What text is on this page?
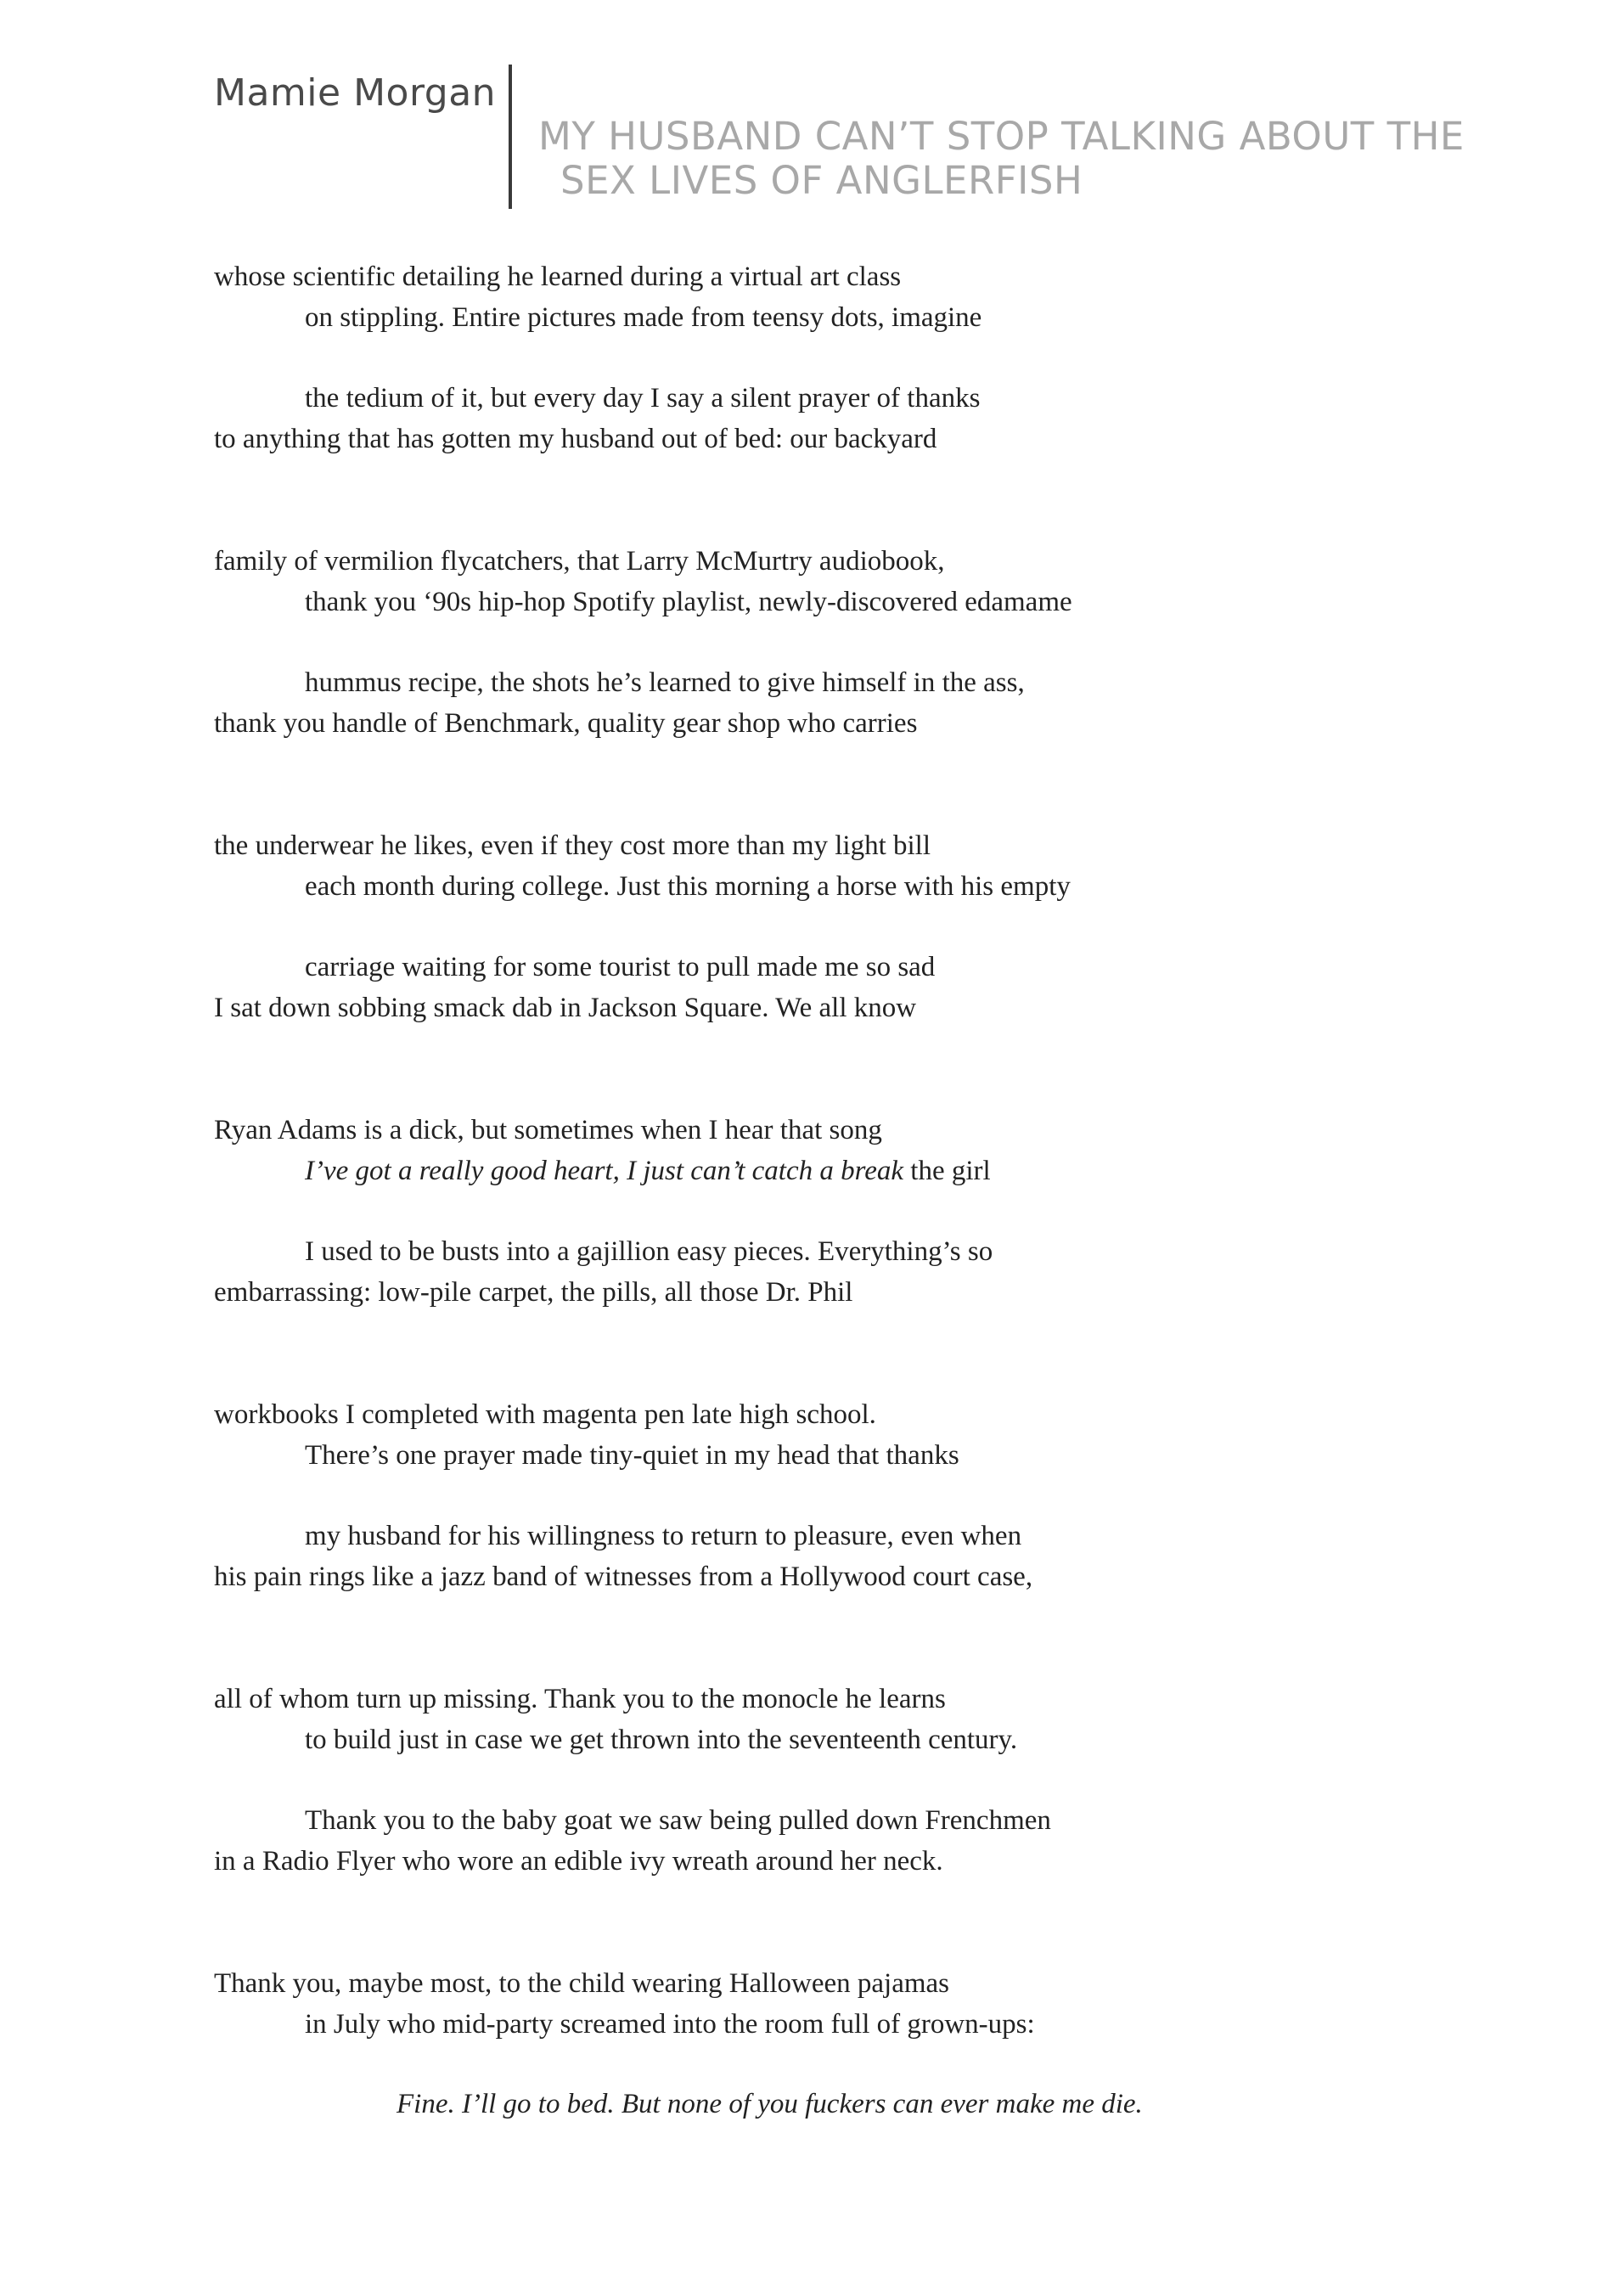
Mamie Morgan
MY HUSBAND CAN’T STOP TALKING ABOUT THE
SEX LIVES OF ANGLERFISH
whose scientific detailing he learned during a virtual art class
on stippling. Entire pictures made from teensy dots, imagine
the tedium of it, but every day I say a silent prayer of thanks
to anything that has gotten my husband out of bed: our backyard
family of vermilion flycatchers, that Larry McMurtry audiobook,
thank you ‘90s hip-hop Spotify playlist, newly-discovered edamame
hummus recipe, the shots he’s learned to give himself in the ass,
thank you handle of Benchmark, quality gear shop who carries
the underwear he likes, even if they cost more than my light bill
each month during college. Just this morning a horse with his empty
carriage waiting for some tourist to pull made me so sad
I sat down sobbing smack dab in Jackson Square. We all know
Ryan Adams is a dick, but sometimes when I hear that song
I’ve got a really good heart, I just can’t catch a break the girl
I used to be busts into a gajillion easy pieces. Everything’s so
embarrassing: low-pile carpet, the pills, all those Dr. Phil
workbooks I completed with magenta pen late high school.
There’s one prayer made tiny-quiet in my head that thanks
my husband for his willingness to return to pleasure, even when
his pain rings like a jazz band of witnesses from a Hollywood court case,
all of whom turn up missing. Thank you to the monocle he learns
to build just in case we get thrown into the seventeenth century.
Thank you to the baby goat we saw being pulled down Frenchmen
in a Radio Flyer who wore an edible ivy wreath around her neck.
Thank you, maybe most, to the child wearing Halloween pajamas
in July who mid-party screamed into the room full of grown-ups:
Fine. I’ll go to bed. But none of you fuckers can ever make me die.
